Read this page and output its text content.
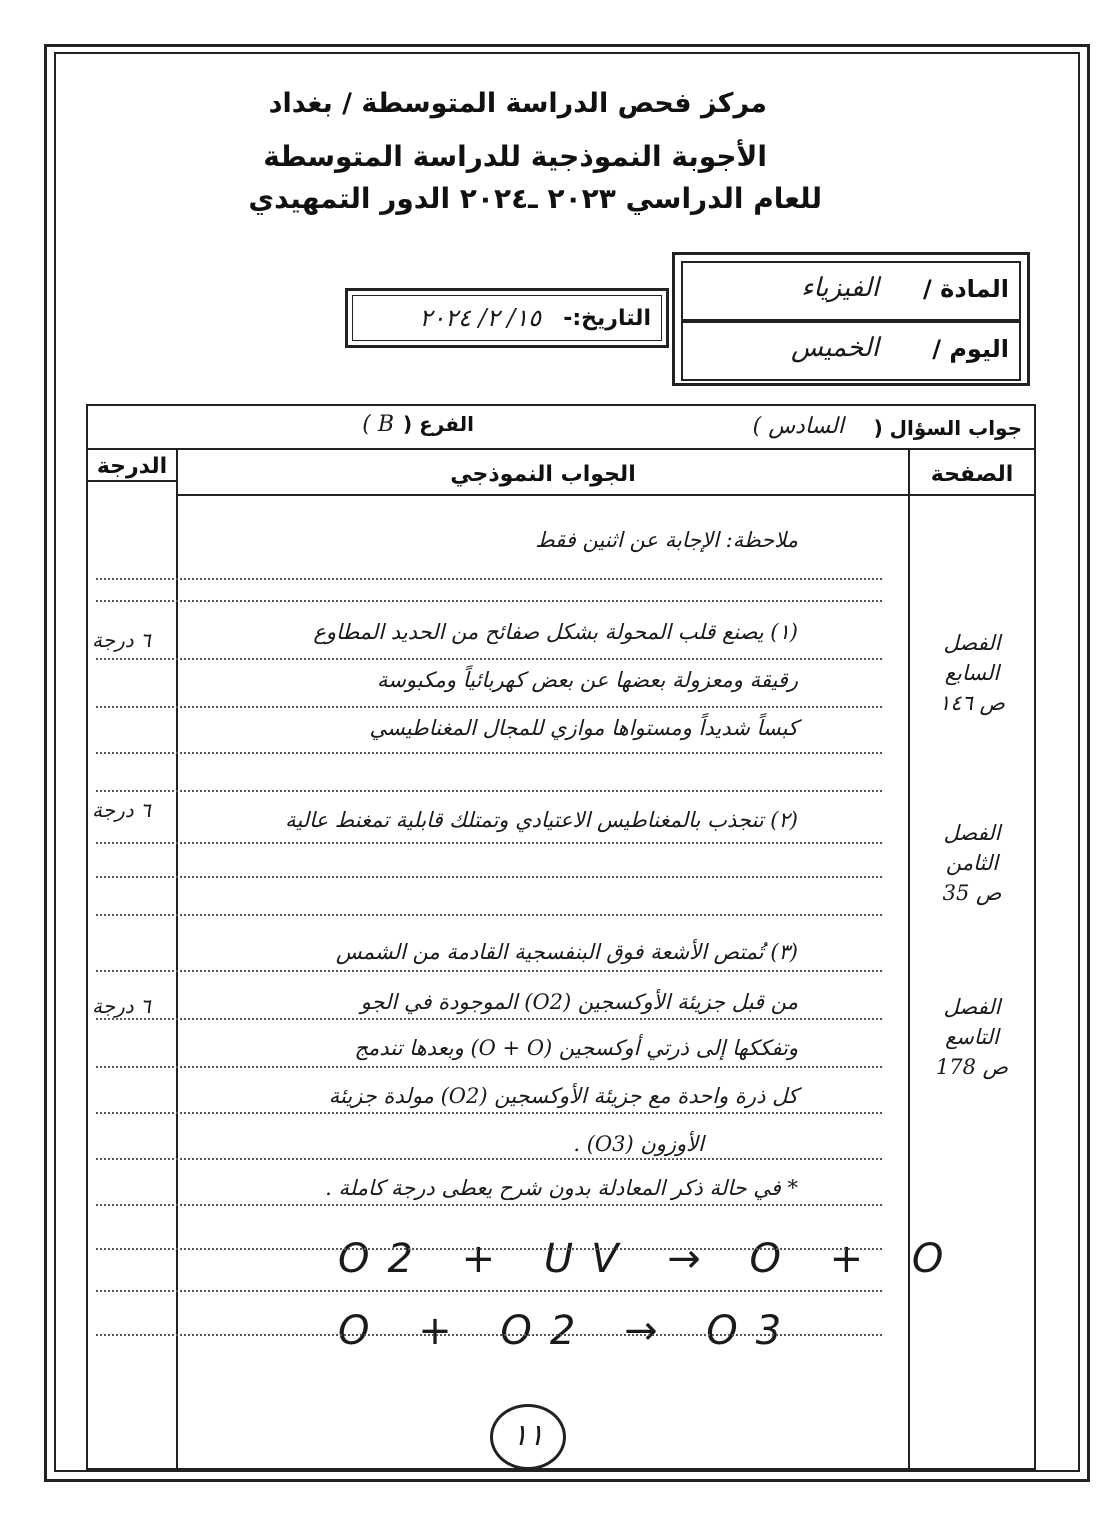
مركز فحص الدراسة المتوسطة / بغداد
الأجوبة النموذجية للدراسة المتوسطة
للعام الدراسي ٢٠٢٣ ـ٢٠٢٤ الدور التمهيدي
المادة /
الفيزياء
اليوم /
الخميس
التاريخ:-
١٥/ ٢/ ٢٠٢٤
جواب السؤال (
السادس )
الفرع (
B )
الصفحة
الجواب النموذجي
الدرجة
ملاحظة: الإجابة عن اثنين فقط
(١) يصنع قلب المحولة بشكل صفائح من الحديد المطاوع
رقيقة ومعزولة بعضها عن بعض كهربائياً ومكبوسة
كبساً شديداً ومستواها موازي للمجال المغناطيسي
الفصل
السابع
ص ١٤٦
٦ درجة
(٢) تنجذب بالمغناطيس الاعتيادي وتمتلك قابلية تمغنط عالية
الفصل
الثامن
ص 35
٦ درجة
(٣) تُمتص الأشعة فوق البنفسجية القادمة من الشمس
من قبل جزيئة الأوكسجين (O2) الموجودة في الجو
وتفككها إلى ذرتي أوكسجين (O + O) وبعدها تندمج
كل ذرة واحدة مع جزيئة الأوكسجين (O2) مولدة جزيئة
الأوزون (O3) .
* في حالة ذكر المعادلة بدون شرح يعطى درجة كاملة .
الفصل
التاسع
ص 178
٦ درجة
O2 + UV → O + O
O + O2 → O3
١١
